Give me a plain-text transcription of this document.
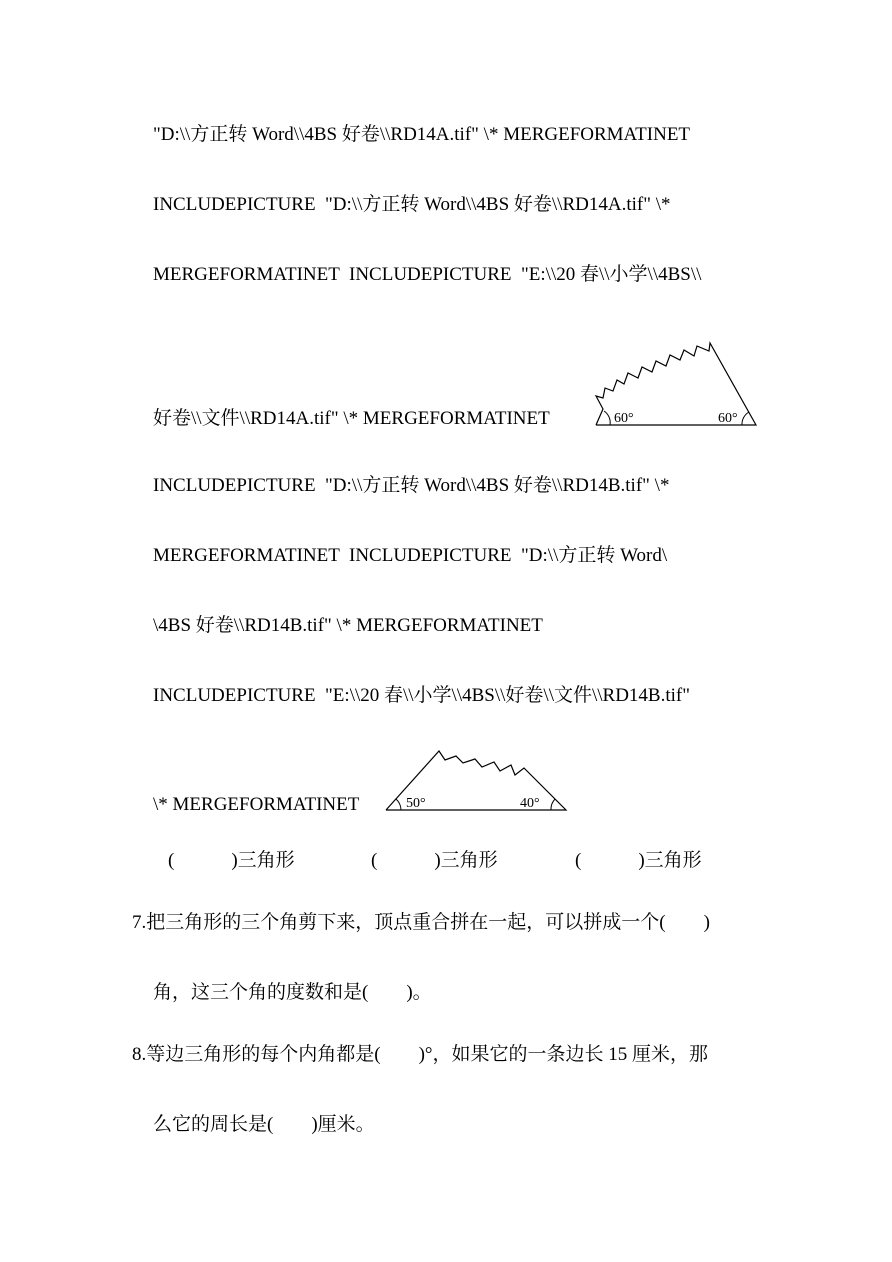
"D:\\方正转 Word\\4BS 好卷\\RD14A.tif" \* MERGEFORMATINET
INCLUDEPICTURE  "D:\\方正转 Word\\4BS 好卷\\RD14A.tif" \*
MERGEFORMATINET  INCLUDEPICTURE  "E:\\20 春\\小学\\4BS\\
好卷\\文件\\RD14A.tif" \* MERGEFORMATINET	60°	60°
INCLUDEPICTURE  "D:\\方正转 Word\\4BS 好卷\\RD14B.tif" \*
MERGEFORMATINET  INCLUDEPICTURE  "D:\\方正转 Word\
\4BS 好卷\\RD14B.tif" \* MERGEFORMATINET
INCLUDEPICTURE  "E:\\20 春\\小学\\4BS\\好卷\\文件\\RD14B.tif"
\* MERGEFORMATINET	50°	40°
(            )三角形	(            )三角形	(            )三角形
7.把三角形的三个角剪下来，顶点重合拼在一起，可以拼成一个(        )
角，这三个角的度数和是(        )。
8.等边三角形的每个内角都是(        )°，如果它的一条边长 15 厘米，那
么它的周长是(        )厘米。
